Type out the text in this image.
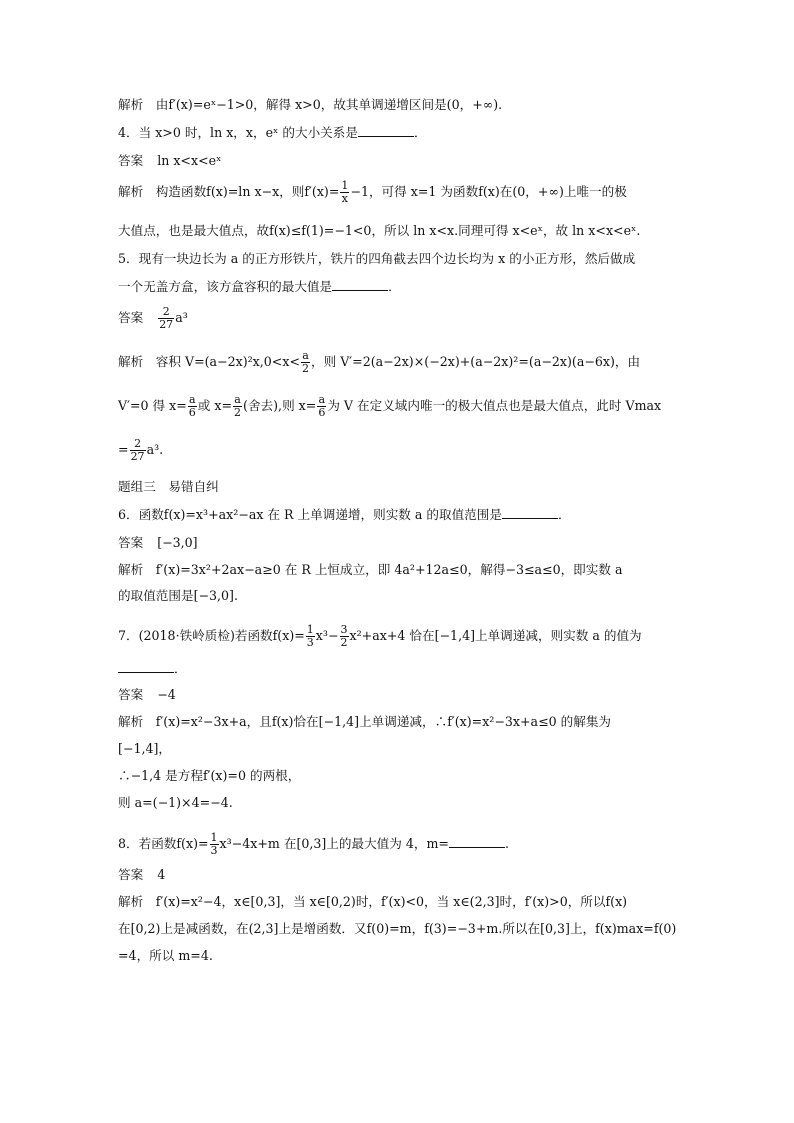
解析　由f′(x)=eˣ−1>0，解得 x>0，故其单调递增区间是(0，+∞).
4．当 x>0 时，ln x，x，eˣ 的大小关系是	．
答案 ln x<x<eˣ
解析　构造函数f(x)=ln x−x，则$f'(x)= \frac{1}{x} -1$，可得 x=1 为函数f(x)在(0，+∞)上唯一的极
大值点，也是最大值点，故f(x)≤f(1)=−1<0，所以 ln x<x.同理可得 x<eˣ，故 ln x<x<eˣ.
5．现有一块边长为 a 的正方形铁片，铁片的四角截去四个边长均为 x 的小正方形，然后做成
一个无盖方盒，该方盒容积的最大值是	．
答案 $\frac{2}{27} a^3$
解析　容积 $V=(a-2x)^2x,0<x< \frac{a}{2}$ ，则 V′=2(a−2x)×(−2x)+(a−2x)²=(a−2x)(a−6x)，由
V′=0 得 $x= \frac{a}{6}$ 或 $x= \frac{a}{2}$ (舍去),则 $x= \frac{a}{6}$ 为 V 在定义域内唯一的极大值点也是最大值点，此时 Vmax
= $\frac{2}{27} a^3$.
题组三　易错自纠
6．函数f(x)=x³+ax²−ax 在 R 上单调递增，则实数 a 的取值范围是	．
答案 [−3,0]
解析　f′(x)=3x²+2ax−a≥0 在 R 上恒成立，即 4a²+12a≤0，解得−3≤a≤0，即实数 a
的取值范围是[−3,0].
7．(2018·铁岭质检)若函数$f(x)= \frac{1}{3} x^3- \frac{3}{2} x^2+ax+4$ 恰在[−1,4]上单调递减，则实数 a 的值为
．
答案 −4
解析　f′(x)=x²−3x+a，且f(x)恰在[−1,4]上单调递减，∴f′(x)=x²−3x+a≤0 的解集为
[−1,4]，
∴−1,4 是方程f′(x)=0 的两根，
则 a=(−1)×4=−4.
8．若函数$f(x)= \frac{1}{3} x^3-4x+m$ 在[0,3]上的最大值为 4，m=	.
答案 4
解析　f′(x)=x²−4，x∈[0,3]，当 x∈[0,2)时，f′(x)<0，当 x∈(2,3]时，f′(x)>0，所以f(x)
在[0,2)上是减函数，在(2,3]上是增函数．又f(0)=m，f(3)=−3+m.所以在[0,3]上，f(x)max=f(0)
=4，所以 m=4.
